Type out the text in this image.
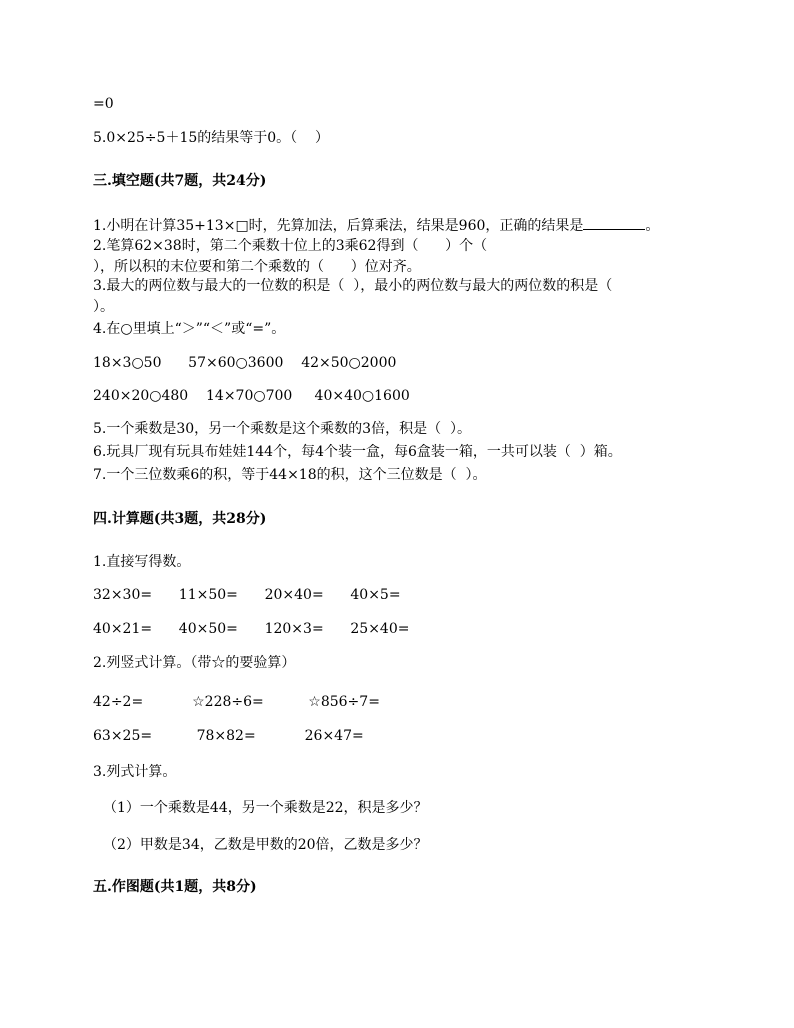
=0
5.0×25÷5＋15的结果等于0。（    ）
三.填空题(共7题，共24分)
1.小明在计算35+13×□时，先算加法，后算乘法，结果是960，正确的结果是	。
2.笔算62×38时，第二个乘数十位上的3乘62得到（      ）个（
），所以积的末位要和第二个乘数的（      ）位对齐。
3.最大的两位数与最大的一位数的积是（  ），最小的两位数与最大的两位数的积是（
）。
4.在○里填上“＞”“＜”或“=”。
18×3○50      57×60○3600    42×50○2000
240×20○480    14×70○700     40×40○1600
5.一个乘数是30，另一个乘数是这个乘数的3倍，积是（  ）。
6.玩具厂现有玩具布娃娃144个，每4个装一盒，每6盒装一箱，一共可以装（  ）箱。
7.一个三位数乘6的积，等于44×18的积，这个三位数是（  ）。
四.计算题(共3题，共28分)
1.直接写得数。
32×30=      11×50=      20×40=      40×5=
40×21=      40×50=      120×3=      25×40=
2.列竖式计算。（带☆的要验算）
42÷2=           ☆228÷6=          ☆856÷7=
63×25=          78×82=           26×47=
3.列式计算。
（1）一个乘数是44，另一个乘数是22，积是多少？
（2）甲数是34，乙数是甲数的20倍，乙数是多少？
五.作图题(共1题，共8分)
